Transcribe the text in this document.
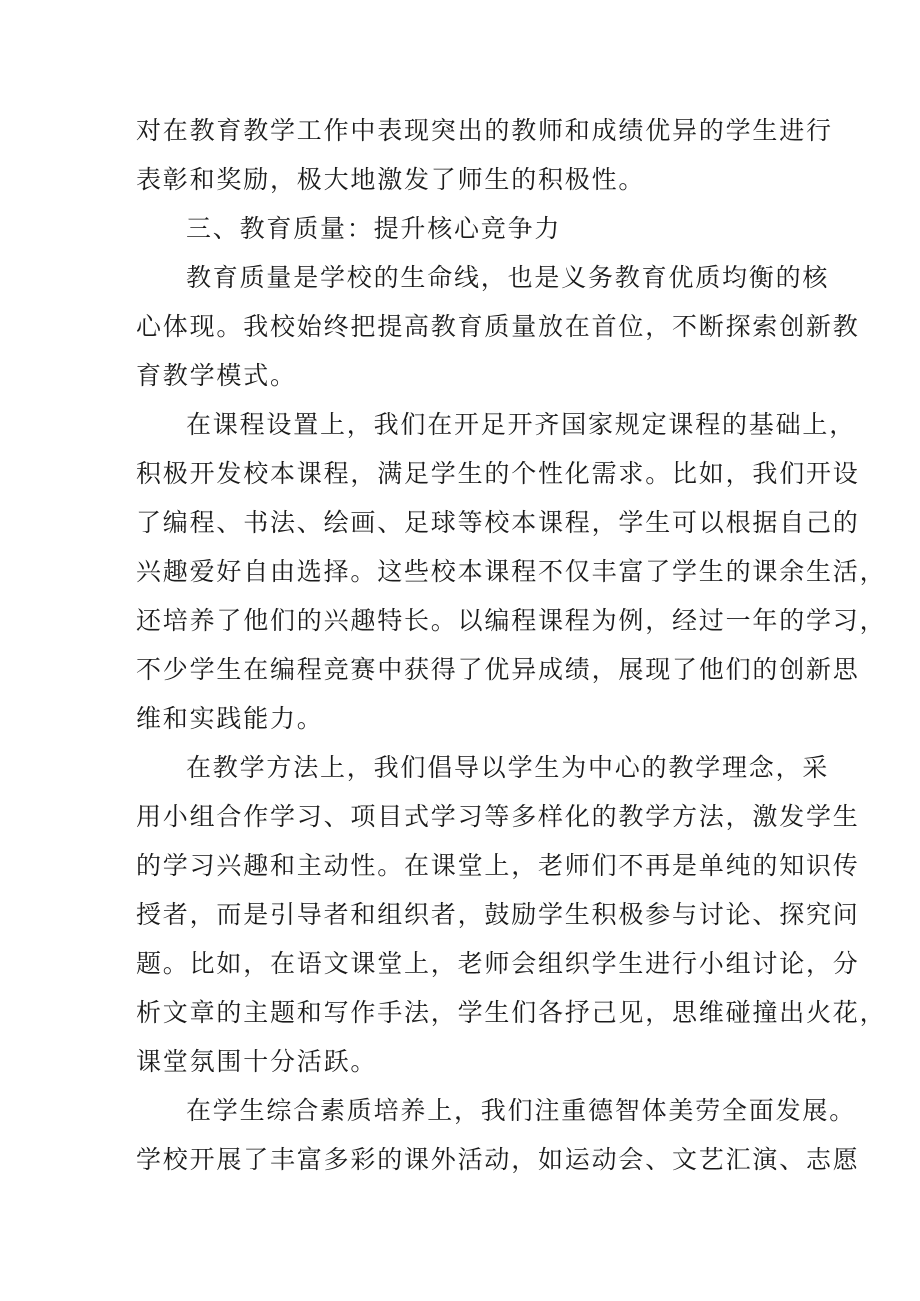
对在教育教学工作中表现突出的教师和成绩优异的学生进行
表彰和奖励，极大地激发了师生的积极性。
三、教育质量：提升核心竞争力
教育质量是学校的生命线，也是义务教育优质均衡的核
心体现。我校始终把提高教育质量放在首位，不断探索创新教
育教学模式。
在课程设置上，我们在开足开齐国家规定课程的基础上，
积极开发校本课程，满足学生的个性化需求。比如，我们开设
了编程、书法、绘画、足球等校本课程，学生可以根据自己的
兴趣爱好自由选择。这些校本课程不仅丰富了学生的课余生活，
还培养了他们的兴趣特长。以编程课程为例，经过一年的学习，
不少学生在编程竞赛中获得了优异成绩，展现了他们的创新思
维和实践能力。
在教学方法上，我们倡导以学生为中心的教学理念，采
用小组合作学习、项目式学习等多样化的教学方法，激发学生
的学习兴趣和主动性。在课堂上，老师们不再是单纯的知识传
授者，而是引导者和组织者，鼓励学生积极参与讨论、探究问
题。比如，在语文课堂上，老师会组织学生进行小组讨论，分
析文章的主题和写作手法，学生们各抒己见，思维碰撞出火花，
课堂氛围十分活跃。
在学生综合素质培养上，我们注重德智体美劳全面发展。
学校开展了丰富多彩的课外活动，如运动会、文艺汇演、志愿
